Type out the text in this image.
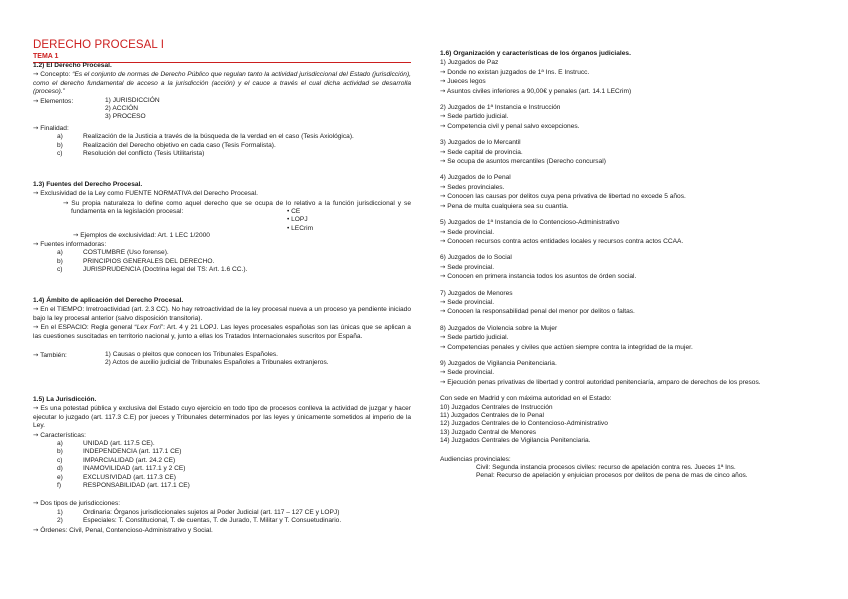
DERECHO PROCESAL I
TEMA 1
1.2) El Derecho Procesal.
→ Concepto: “Es el conjunto de normas de Derecho Público que regulan tanto la actividad jurisdiccional del Estado (jurisdicción), como el derecho fundamental de acceso a la jurisdicción (acción) y el cauce a través el cual dicha actividad se desarrolla (proceso).”
→ Elementos:	1) JURISDICCIÓN
2) ACCIÓN
3) PROCESO
→ Finalidad:
a)	Realización de la Justicia a través de la búsqueda de la verdad en el caso (Tesis Axiológica).
b)	Realización del Derecho objetivo en cada caso (Tesis Formalista).
c)	Resolución del conflicto (Tesis Utilitarista)
1.3) Fuentes del Derecho Procesal.
→ Exclusividad de la Ley como FUENTE NORMATIVA del Derecho Procesal.
→ Su propia naturaleza lo define como aquel derecho que se ocupa de lo relativo a la función jurisdiccional y se fundamenta en la legislación procesal:	• CE
• LOPJ
• LECrim
→ Ejemplos de exclusividad: Art. 1 LEC 1/2000
→ Fuentes informadoras:
a)	COSTUMBRE (Uso forense).
b)	PRINCIPIOS GENERALES DEL DERECHO.
c)	JURISPRUDENCIA (Doctrina legal del TS: Art. 1.6 CC.).
1.4) Ámbito de aplicación del Derecho Procesal.
→ En el TIEMPO: Irretroactividad (art. 2.3 CC). No hay retroactividad de la ley procesal nueva a un proceso ya pendiente iniciado bajo la ley procesal anterior (salvo disposición transitoria).
→ En el ESPACIO: Regla general “Lex Fori”: Art. 4 y 21 LOPJ. Las leyes procesales españolas son las únicas que se aplican a las cuestiones suscitadas en territorio nacional y, junto a ellas los Tratados Internacionales suscritos por España.
→ También:	1) Causas o pleitos que conocen los Tribunales Españoles.
2) Actos de auxilio judicial de Tribunales Españoles a Tribunales extranjeros.
1.5) La Jurisdicción.
→ Es una potestad pública y exclusiva del Estado cuyo ejercicio en todo tipo de procesos conlleva la actividad de juzgar y hacer ejecutar lo juzgado (art. 117.3 C.E) por jueces y Tribunales determinados por las leyes y únicamente sometidos al imperio de la Ley.
→ Características:
a)	UNIDAD (art. 117.5 CE).
b)	INDEPENDENCIA (art. 117.1 CE)
c)	IMPARCIALIDAD (art. 24.2 CE)
d)	INAMOVILIDAD (art. 117.1 y 2 CE)
e)	EXCLUSIVIDAD (art. 117.3 CE)
f)	RESPONSABILIDAD (art. 117.1 CE)
→ Dos tipos de jurisdicciones:
1)	Ordinaria: Órganos jurisdiccionales sujetos al Poder Judicial (art. 117 – 127 CE y LOPJ)
2)	Especiales: T. Constitucional, T. de cuentas, T. de Jurado, T. Militar y T. Consuetudinario.
→ Órdenes: Civil, Penal, Contencioso-Administrativo y Social.
1.6) Organización y características de los órganos judiciales.
1) Juzgados de Paz
→ Donde no existan juzgados de 1ª Ins. E Instrucc.
→ Jueces legos
→ Asuntos civiles inferiores a 90,00€ y penales (art. 14.1 LECrim)
2) Juzgados de 1ª Instancia e Instrucción
→ Sede partido judicial.
→ Competencia civil y penal salvo excepciones.
3) Juzgados de lo Mercantil
→ Sede capital de provincia.
→ Se ocupa de asuntos mercantiles (Derecho concursal)
4) Juzgados de lo Penal
→ Sedes provinciales.
→ Conocen las causas por delitos cuya pena privativa de libertad no excede 5 años.
→ Pena de multa cualquiera sea su cuantía.
5) Juzgados de 1ª Instancia de lo Contencioso-Administrativo
→ Sede provincial.
→ Conocen recursos contra actos entidades locales y recursos contra actos CCAA.
6) Juzgados de lo Social
→ Sede provincial.
→ Conocen en primera instancia todos los asuntos de órden social.
7) Juzgados de Menores
→ Sede provincial.
→ Conocen la responsabilidad penal del menor por delitos o faltas.
8) Juzgados de Violencia sobre la Mujer
→ Sede partido judicial.
→ Competencias penales y civiles que actúen siempre contra la integridad de la mujer.
9) Juzgados de Vigilancia Penitenciaria.
→ Sede provincial.
→ Ejecución penas privativas de libertad y control autoridad penitenciaría, amparo de derechos de los presos.
Con sede en Madrid y con máxima autoridad en el Estado:
10) Juzgados Centrales de Instrucción
11) Juzgados Centrales de lo Penal
12) Juzgados Centrales de lo Contencioso-Administrativo
13) Juzgado Central de Menores
14) Juzgados Centrales de Vigilancia Penitenciaria.
Audiencias provinciales:
Civil: Segunda instancia procesos civiles: recurso de apelación contra res. Jueces 1ª Ins.
Penal: Recurso de apelación y enjuician procesos por delitos de pena de mas de cinco años.
